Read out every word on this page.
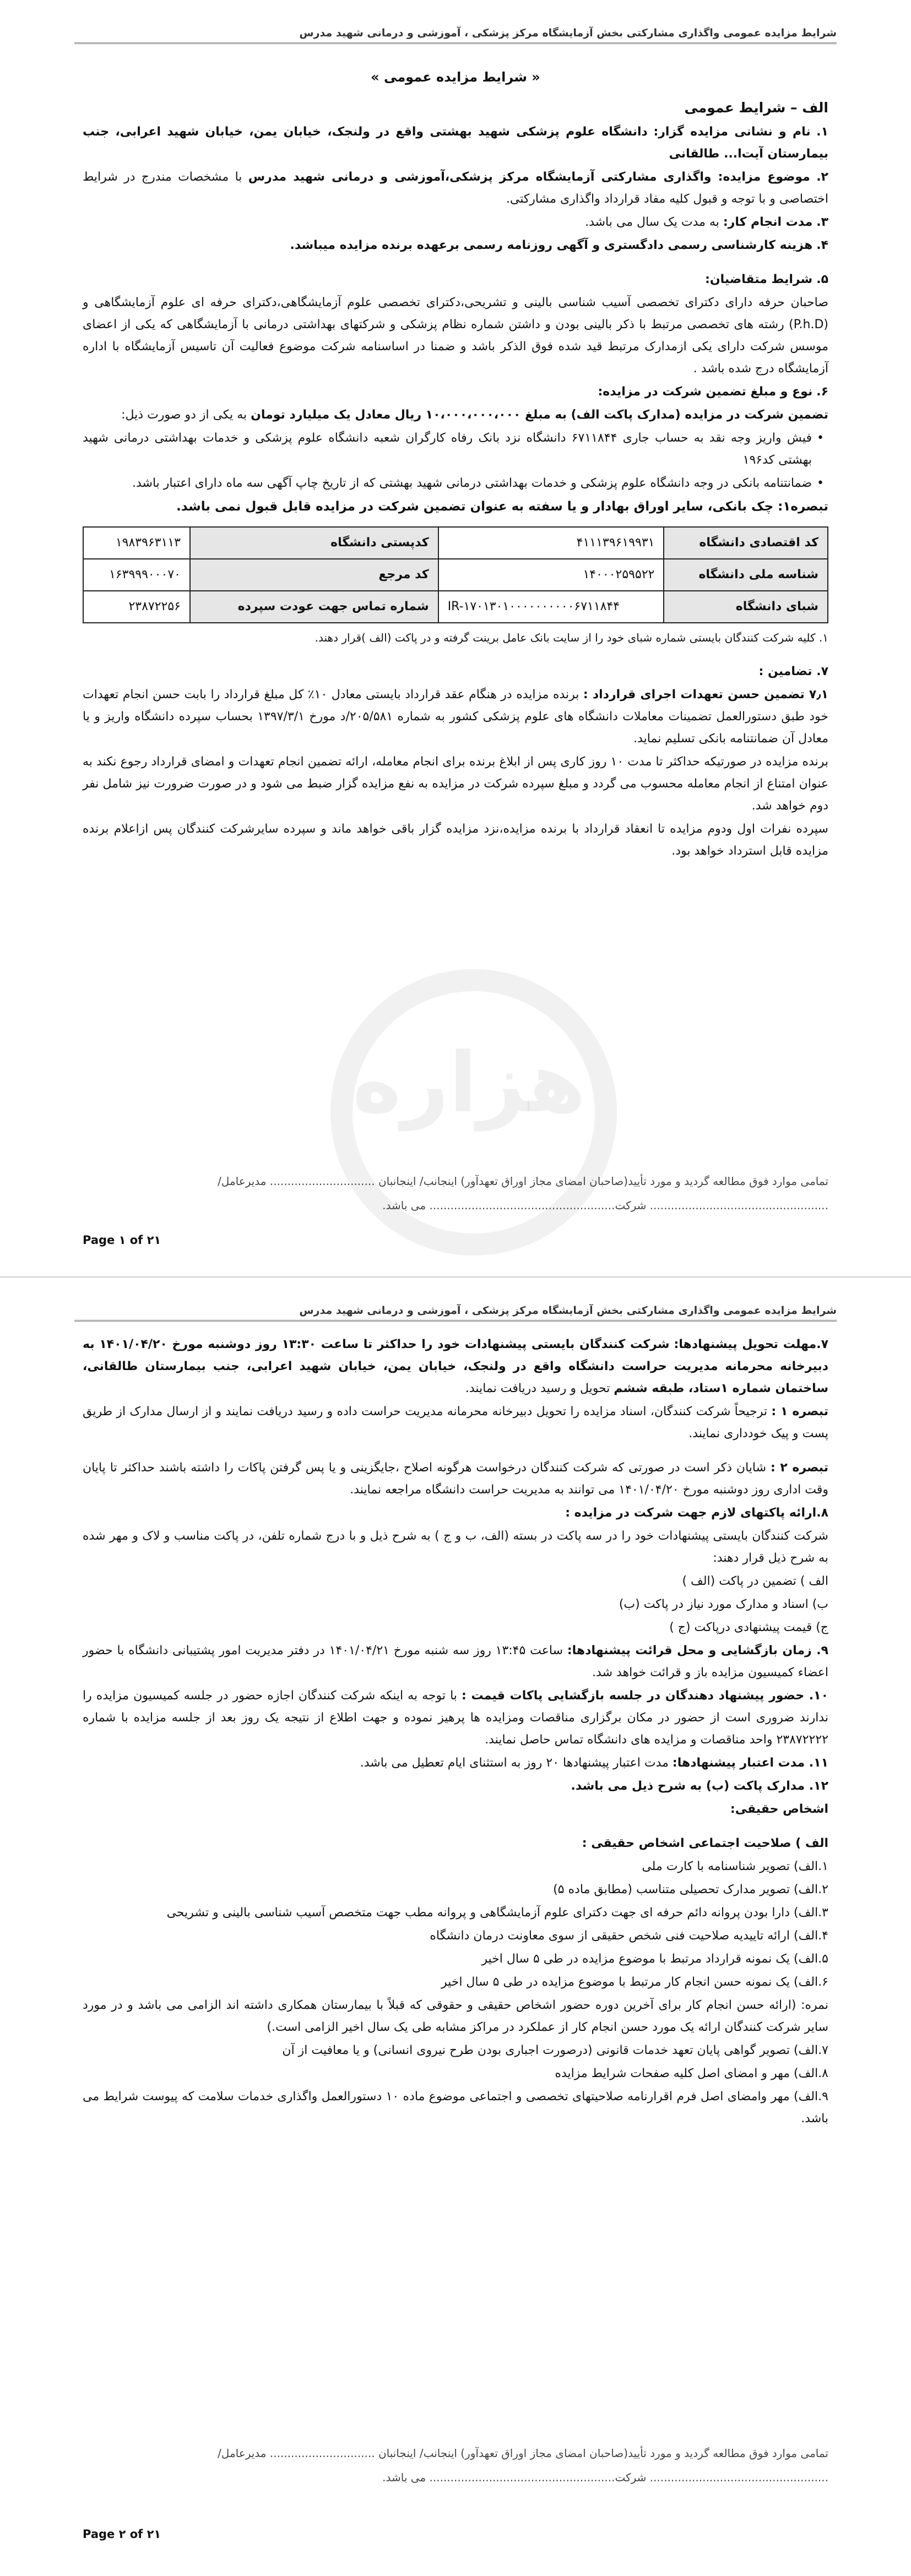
شرایط مزایده عمومی واگذاری مشارکتی بخش آزمایشگاه مرکز پزشکی ، آموزشی و درمانی شهید مدرس
هزاره
« شرایط مزایده عمومی »
الف – شرایط عمومی
۱. نام و نشانی مزایده گزار: دانشگاه علوم پزشکی شهید بهشتی واقع در ولنجک، خیابان یمن، خیابان شهید اعرابی، جنب بیمارستان آیت‌ا... طالقانی
۲. موضوع مزایده: واگذاری مشارکتی آزمایشگاه مرکز پزشکی،آموزشی و درمانی شهید مدرس با مشخصات مندرج در شرایط اختصاصی و با توجه و قبول کلیه مفاد قرارداد واگذاری مشارکتی.
۳. مدت انجام کار: به مدت یک سال می باشد.
۴. هزینه کارشناسی رسمی دادگستری و آگهی روزنامه رسمی برعهده برنده مزایده میباشد.
۵. شرایط متقاضیان:
صاحبان حرفه دارای دکترای تخصصی آسیب شناسی بالینی و تشریحی،دکترای تخصصی علوم آزمایشگاهی،دکترای حرفه ای علوم آزمایشگاهی و (P.h.D) رشته های تخصصی مرتبط با ذکر بالینی بودن و داشتن شماره نظام پزشکی و شرکتهای بهداشتی درمانی با آزمایشگاهی که یکی از اعضای موسس شرکت دارای یکی ازمدارک مرتبط قید شده فوق الذکر باشد و ضمنا در اساسنامه شرکت موضوع فعالیت آن تاسیس آزمایشگاه با اداره آزمایشگاه درج شده باشد .
۶. نوع و مبلغ تضمین شرکت در مزایده:
تضمین شرکت در مزایده (مدارک پاکت الف) به مبلغ ۱۰،۰۰۰،۰۰۰،۰۰۰ ریال معادل یک میلیارد تومان به یکی از دو صورت ذیل:
• فیش واریز وجه نقد به حساب جاری ۶۷۱۱۸۴۴ دانشگاه نزد بانک رفاه کارگران شعبه دانشگاه علوم پزشکی و خدمات بهداشتی درمانی شهید بهشتی کد۱۹۶
• ضمانتنامه بانکی در وجه دانشگاه علوم پزشکی و خدمات بهداشتی درمانی شهید بهشتی که از تاریخ چاپ آگهی سه ماه دارای اعتبار باشد.
تبصره۱: چک بانکی، سایر اوراق بهادار و یا سفته به عنوان تضمین شرکت در مزایده قابل قبول نمی باشد.
کد اقتصادی دانشگاه	۴۱۱۱۳۹۶۱۹۹۳۱	کدپستی دانشگاه	۱۹۸۳۹۶۳۱۱۳
شناسه ملی دانشگاه	۱۴۰۰۰۲۵۹۵۲۲	کد مرجع	۱۶۳۹۹۹۰۰۰۷۰
شبای دانشگاه	IR-۱۷۰۱۳۰۱۰۰۰۰۰۰۰۰۰۰۶۷۱۱۸۴۴	شماره تماس جهت عودت سپرده	۲۳۸۷۲۲۵۶
۱. کلیه شرکت کنندگان بایستی شماره شبای خود را از سایت بانک عامل برینت گرفته و در پاکت (الف )قرار دهند.
۷. تضامین :
۷٫۱ تضمین حسن تعهدات اجرای قرارداد : برنده مزایده در هنگام عقد قرارداد بایستی معادل ۱۰٪ کل مبلغ قرارداد را بابت حسن انجام تعهدات خود طبق دستورالعمل تضمینات معاملات دانشگاه های علوم پزشکی کشور به شماره ۲۰۵/۵۸۱/د مورخ ۱۳۹۷/۳/۱ بحساب سپرده دانشگاه واریز و یا معادل آن ضمانتنامه بانکی تسلیم نماید.
برنده مزایده در صورتیکه حداکثر تا مدت ۱۰ روز کاری پس از ابلاغ برنده برای انجام معامله، ارائه تضمین انجام تعهدات و امضای قرارداد رجوع نکند به عنوان امتناع از انجام معامله محسوب می گردد و مبلغ سپرده شرکت در مزایده به نفع مزایده گزار ضبط می شود و در صورت ضرورت نیز شامل نفر دوم خواهد شد.
سپرده نفرات اول ودوم مزایده تا انعقاد قرارداد با برنده مزایده،نزد مزایده گزار باقی خواهد ماند و سپرده سایرشرکت کنندگان پس ازاعلام برنده مزایده قابل استرداد خواهد بود.
تمامی موارد فوق مطالعه گردید و مورد تأیید(صاحبان امضای مجاز اوراق تعهدآور) اینجانب/ اینجانبان .............................. مدیرعامل/
................................................... شرکت..................................................... می باشد.
Page ۱ of ۲۱
شرایط مزایده عمومی واگذاری مشارکتی بخش آزمایشگاه مرکز پزشکی ، آموزشی و درمانی شهید مدرس
۷.مهلت تحویل پیشنهادها: شرکت کنندگان بایستی پیشنهادات خود را حداکثر تا ساعت ۱۳:۳۰ روز دوشنبه مورخ ۱۴۰۱/۰۴/۲۰ به دبیرخانه محرمانه مدیریت حراست دانشگاه واقع در ولنجک، خیابان یمن، خیابان شهید اعرابی، جنب بیمارستان طالقانی، ساختمان شماره ۱ستاد، طبقه ششم تحویل و رسید دریافت نمایند.
تبصره ۱ : ترجیحاً شرکت کنندگان، اسناد مزایده را تحویل دبیرخانه محرمانه مدیریت حراست داده و رسید دریافت نمایند و از ارسال مدارک از طریق پست و پیک خودداری نمایند.
تبصره ۲ : شایان ذکر است در صورتی که شرکت کنندگان درخواست هرگونه اصلاح ،جایگزینی و یا پس گرفتن پاکات را داشته باشند حداکثر تا پایان وقت اداری روز دوشنبه مورخ ۱۴۰۱/۰۴/۲۰ می توانند به مدیریت حراست دانشگاه مراجعه نمایند.
۸.ارائه پاکتهای لازم جهت شرکت در مزایده :
شرکت کنندگان بایستی پیشنهادات خود را در سه پاکت در بسته (الف، ب و ج ) به شرح ذیل و با درج شماره تلفن، در پاکت مناسب و لاک و مهر شده به شرح ذیل قرار دهند:
الف ) تضمین در پاکت (الف )
ب) اسناد و مدارک مورد نیاز در پاکت (ب)
ج) قیمت پیشنهادی درپاکت (ج )
۹. زمان بازگشایی و محل قرائت پیشنهادها: ساعت ۱۳:۴۵ روز سه شنبه مورخ ۱۴۰۱/۰۴/۲۱ در دفتر مدیریت امور پشتیبانی دانشگاه با حضور اعضاء کمیسیون مزایده باز و قرائت خواهد شد.
۱۰. حضور پیشنهاد دهندگان در جلسه بازگشایی پاکات قیمت : با توجه به اینکه شرکت کنندگان اجازه حضور در جلسه کمیسیون مزایده را ندارند ضروری است از حضور در مکان برگزاری مناقصات ومزایده ها پرهیز نموده و جهت اطلاع از نتیجه یک روز بعد از جلسه مزایده با شماره ۲۳۸۷۲۲۲۲ واحد مناقصات و مزایده های دانشگاه تماس حاصل نمایند.
۱۱. مدت اعتبار پیشنهادها: مدت اعتبار پیشنهادها ۲۰ روز به استثنای ایام تعطیل می باشد.
۱۲. مدارک پاکت (ب) به شرح ذیل می باشد.
اشخاص حقیقی:
الف ) صلاحیت اجتماعی اشخاص حقیقی :
۱.الف) تصویر شناسنامه با کارت ملی
۲.الف) تصویر مدارک تحصیلی متناسب (مطابق ماده ۵)
۳.الف) دارا بودن پروانه دائم حرفه ای جهت دکترای علوم آزمایشگاهی و پروانه مطب جهت متخصص آسیب شناسی بالینی و تشریحی
۴.الف) ارائه تاییدیه صلاحیت فنی شخص حقیقی از سوی معاونت درمان دانشگاه
۵.الف) یک نمونه قرارداد مرتبط با موضوع مزایده در طی ۵ سال اخیر
۶.الف) یک نمونه حسن انجام کار مرتبط با موضوع مزایده در طی ۵ سال اخیر
نمره: (ارائه حسن انجام کار برای آخرین دوره حضور اشخاص حقیقی و حقوقی که قبلاً با بیمارستان همکاری داشته اند الزامی می باشد و در مورد سایر شرکت کنندگان ارائه یک مورد حسن انجام کار از عملکرد در مراکز مشابه طی یک سال اخیر الزامی است.)
۷.الف) تصویر گواهی پایان تعهد خدمات قانونی (درصورت اجباری بودن طرح نیروی انسانی) و یا معافیت از آن
۸.الف) مهر و امضای اصل کلیه صفحات شرایط مزایده
۹.الف) مهر وامضای اصل فرم اقرارنامه صلاحیتهای تخصصی و اجتماعی موضوع ماده ۱۰ دستورالعمل واگذاری خدمات سلامت که پیوست شرایط می باشد.
تمامی موارد فوق مطالعه گردید و مورد تأیید(صاحبان امضای مجاز اوراق تعهدآور) اینجانب/ اینجانبان .............................. مدیرعامل/
................................................... شرکت..................................................... می باشد.
Page ۲ of ۲۱
